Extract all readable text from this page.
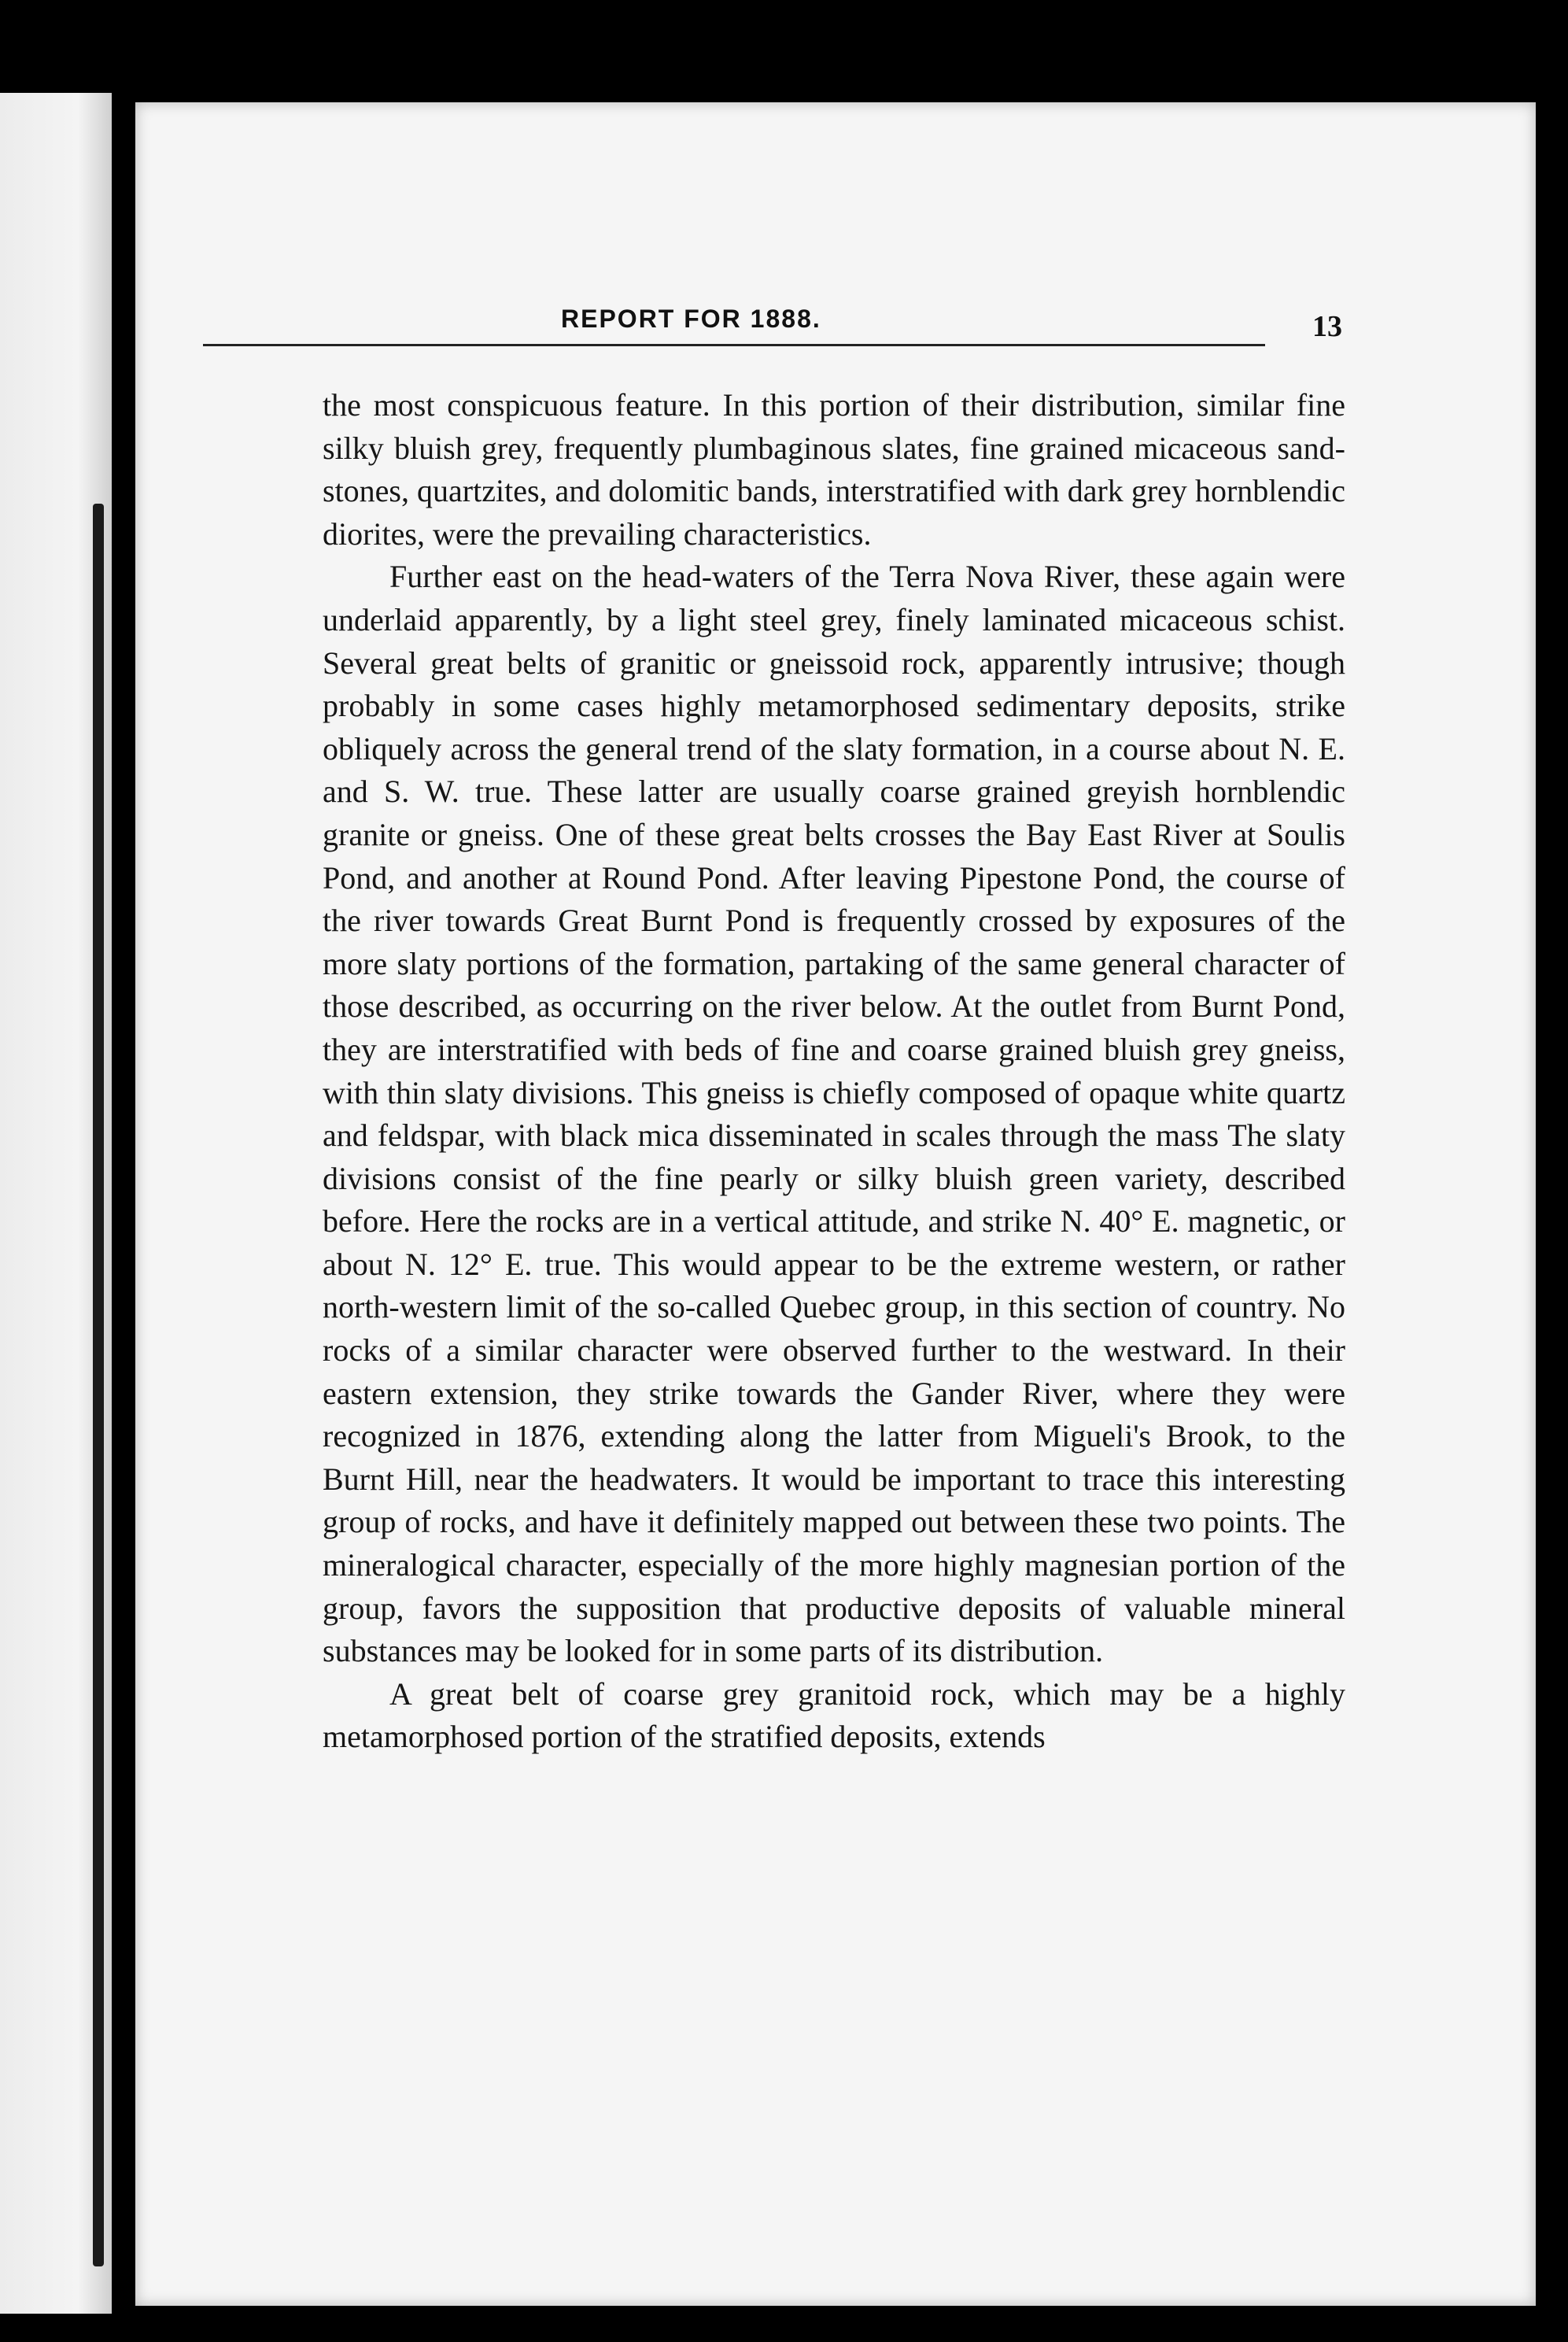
REPORT FOR 1888.	13

the most conspicuous feature. In this portion of their distribution, similar fine silky bluish grey, frequently plumbaginous slates, fine grained micaceous sand-stones, quartzites, and dolomitic bands, interstratified with dark grey hornblendic diorites, were the prevailing characteristics.

Further east on the head-waters of the Terra Nova River, these again were underlaid apparently, by a light steel grey, finely laminated micaceous schist. Several great belts of granitic or gneissoid rock, apparently intrusive; though probably in some cases highly metamorphosed sedimentary deposits, strike obliquely across the general trend of the slaty formation, in a course about N. E. and S. W. true. These latter are usually coarse grained greyish hornblendic granite or gneiss. One of these great belts crosses the Bay East River at Soulis Pond, and another at Round Pond. After leaving Pipestone Pond, the course of the river towards Great Burnt Pond is frequently crossed by exposures of the more slaty portions of the formation, partaking of the same general character of those described, as occurring on the river below. At the outlet from Burnt Pond, they are interstratified with beds of fine and coarse grained bluish grey gneiss, with thin slaty divisions. This gneiss is chiefly composed of opaque white quartz and feldspar, with black mica disseminated in scales through the mass The slaty divisions consist of the fine pearly or silky bluish green variety, described before. Here the rocks are in a vertical attitude, and strike N. 40° E. magnetic, or about N. 12° E. true. This would appear to be the extreme western, or rather north-western limit of the so-called Quebec group, in this section of country. No rocks of a similar character were observed further to the westward. In their eastern extension, they strike towards the Gander River, where they were recognized in 1876, extending along the latter from Migueli's Brook, to the Burnt Hill, near the headwaters. It would be important to trace this interesting group of rocks, and have it definitely mapped out between these two points. The mineralogical character, especially of the more highly magnesian portion of the group, favors the supposition that productive deposits of valuable mineral substances may be looked for in some parts of its distribution.

A great belt of coarse grey granitoid rock, which may be a highly metamorphosed portion of the stratified deposits, extends
